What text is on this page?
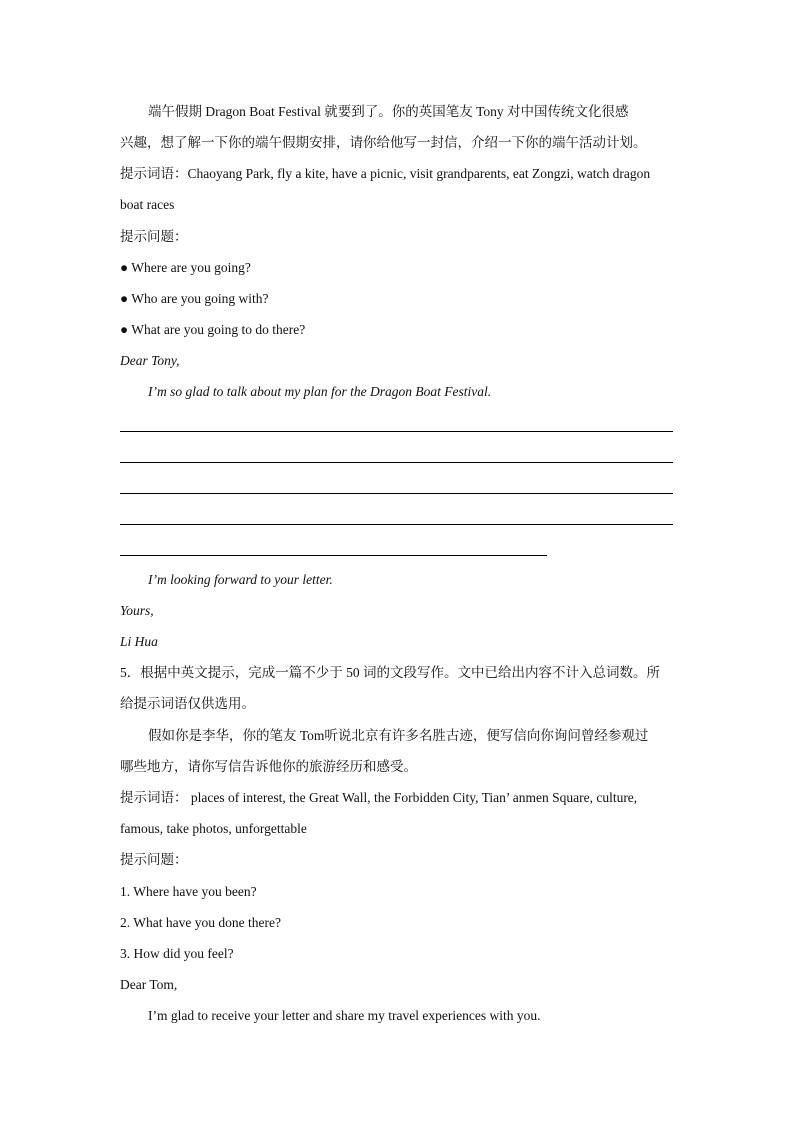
端午假期 Dragon Boat Festival 就要到了。你的英国笔友 Tony 对中国传统文化很感
兴趣，想了解一下你的端午假期安排，请你给他写一封信，介绍一下你的端午活动计划。
提示词语：Chaoyang Park, fly a kite, have a picnic, visit grandparents, eat Zongzi, watch dragon
boat races
提示问题：
● Where are you going?
● Who are you going with?
● What are you going to do there?
Dear Tony,
I’m so glad to talk about my plan for the Dragon Boat Festival.
I’m looking forward to your letter.
Yours,
Li Hua
5．根据中英文提示，完成一篇不少于 50 词的文段写作。文中已给出内容不计入总词数。所
给提示词语仅供选用。
假如你是李华，你的笔友 Tom听说北京有许多名胜古迹，便写信向你询问曾经参观过
哪些地方，请你写信告诉他你的旅游经历和感受。
提示词语： places of interest, the Great Wall, the Forbidden City, Tian’ anmen Square, culture,
famous, take photos, unforgettable
提示问题：
1. Where have you been?
2. What have you done there?
3. How did you feel?
Dear Tom,
I’m glad to receive your letter and share my travel experiences with you.
